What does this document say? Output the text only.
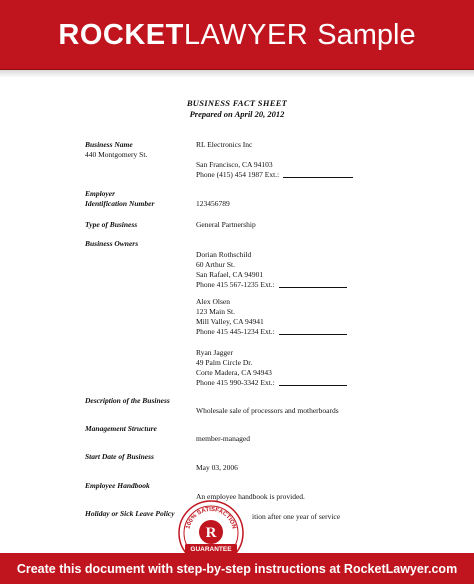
ROCKET LAWYER Sample
BUSINESS FACT SHEET
Prepared on April 20, 2012
Business Name
440 Montgomery St.
RL Electronics Inc
San Francisco, CA 94103
Phone (415) 454 1987 Ext.:
Employer
Identification Number	123456789
Type of Business	General Partnership
Business Owners
Dorian Rothschild
60 Arthur St.
San Rafael, CA 94901
Phone 415 567-1235 Ext.:
Alex Olsen
123 Main St.
Mill Valley, CA 94941
Phone 415 445-1234 Ext.:
Ryan Jagger
49 Palm Circle Dr.
Corte Madera, CA 94943
Phone 415 990-3342 Ext.:
Description of the Business
Wholesale sale of processors and motherboards
Management Structure
member-managed
Start Date of Business
May 03, 2006
Employee Handbook
An employee handbook is provided.
Holiday or Sick Leave Policy	ition after one year of service
100% SATISFACTION
R
GUARANTEE
Create this document with step-by-step instructions at RocketLawyer.com
